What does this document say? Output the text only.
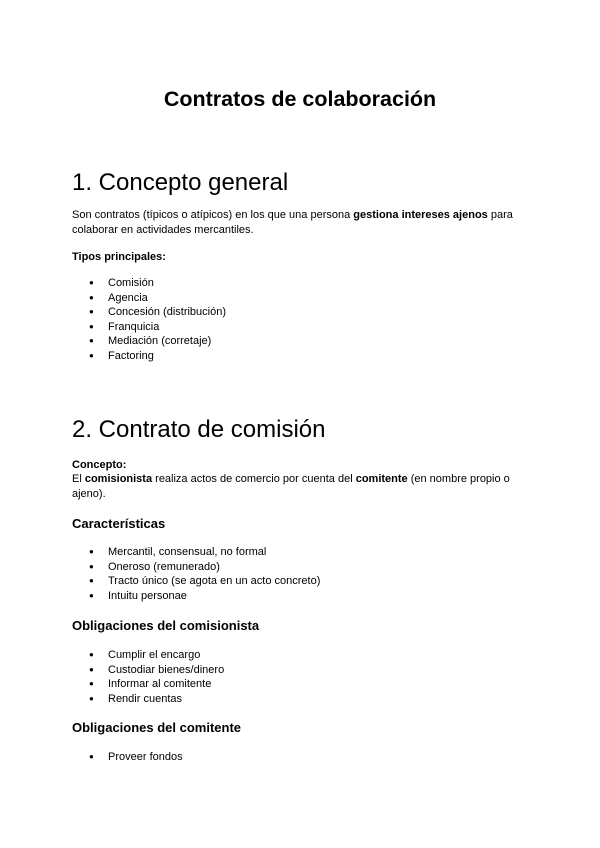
Contratos de colaboración
1. Concepto general
Son contratos (típicos o atípicos) en los que una persona gestiona intereses ajenos para colaborar en actividades mercantiles.
Tipos principales:
● Comisión
● Agencia
● Concesión (distribución)
● Franquicia
● Mediación (corretaje)
● Factoring
2. Contrato de comisión
Concepto:
El comisionista realiza actos de comercio por cuenta del comitente (en nombre propio o ajeno).
Características
● Mercantil, consensual, no formal
● Oneroso (remunerado)
● Tracto único (se agota en un acto concreto)
● Intuitu personae
Obligaciones del comisionista
● Cumplir el encargo
● Custodiar bienes/dinero
● Informar al comitente
● Rendir cuentas
Obligaciones del comitente
● Proveer fondos
